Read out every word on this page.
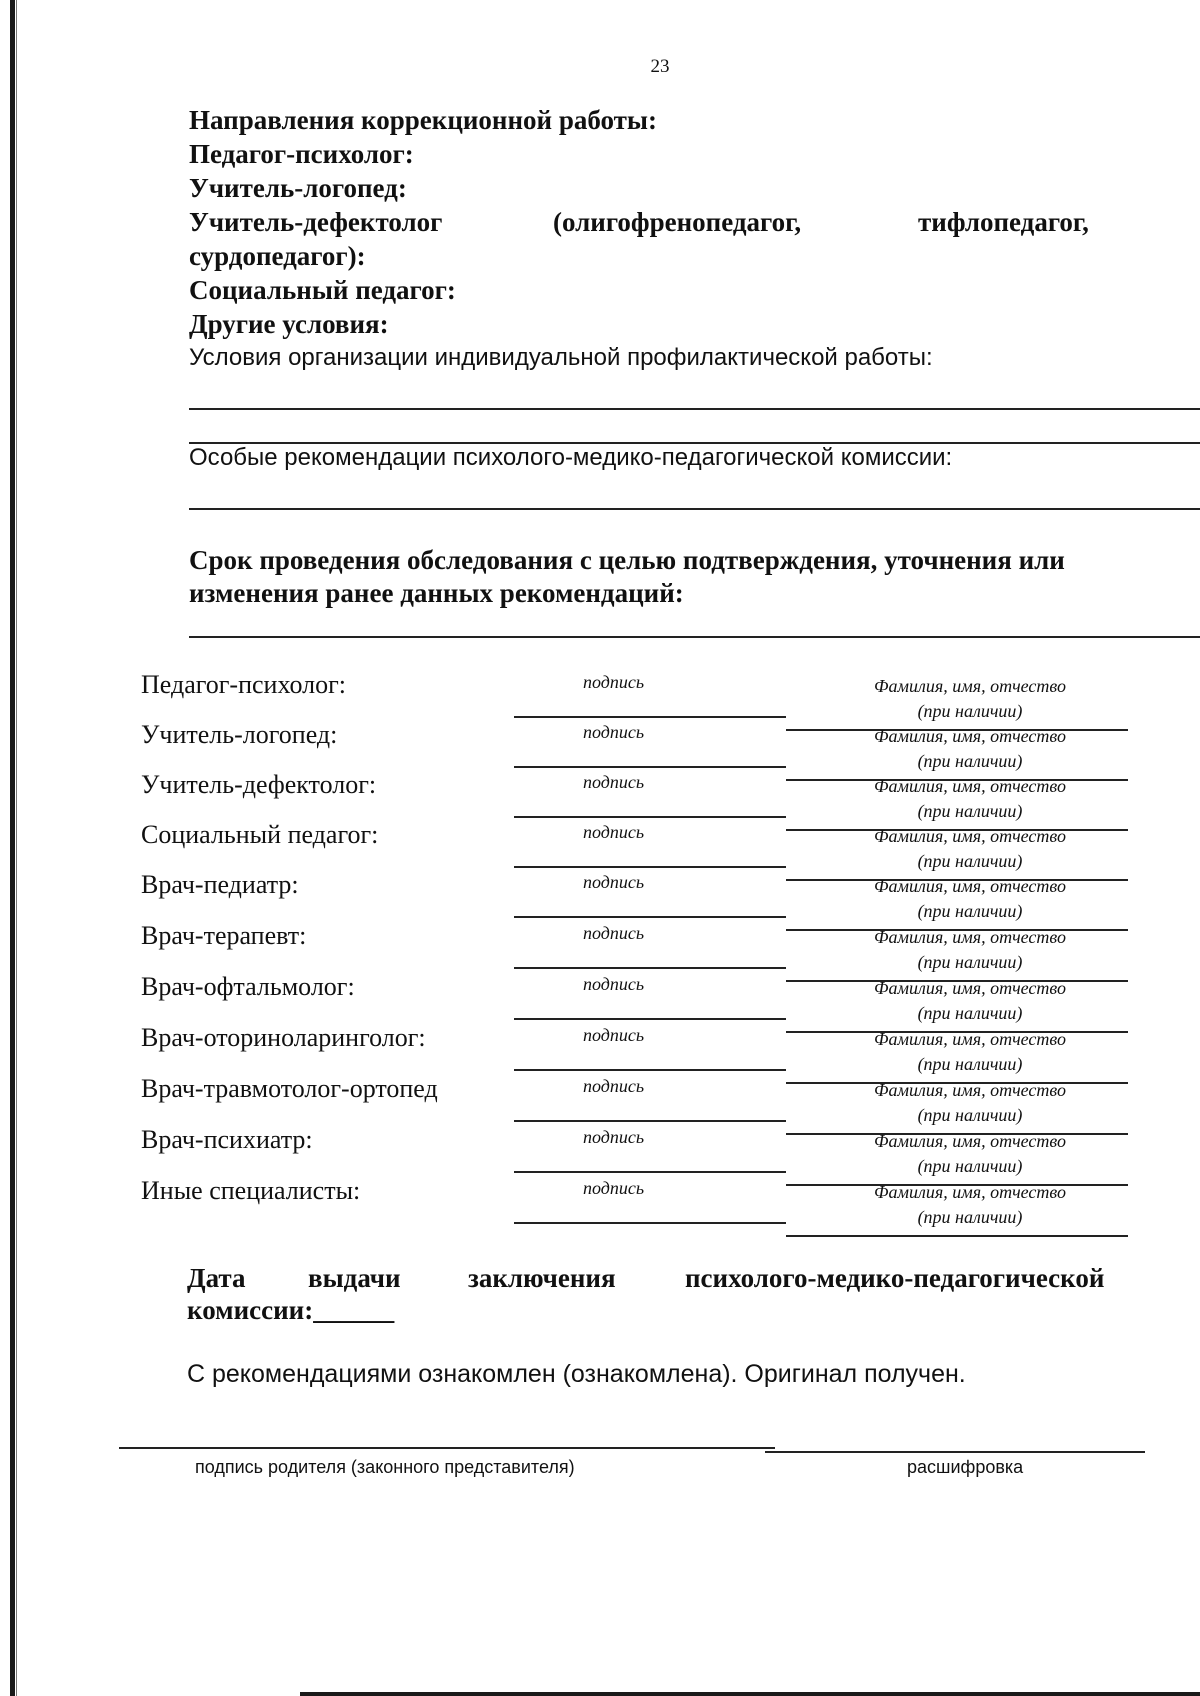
23
Направления коррекционной работы:
Педагог-психолог:
Учитель-логопед:
Учитель-дефектолог	(олигофренопедагог,	тифлопедагог,
сурдопедагог):
Социальный педагог:
Другие условия:
Условия организации индивидуальной профилактической работы:
Особые рекомендации психолого-медико-педагогической комиссии:
Срок проведения обследования с целью подтверждения, уточнения или
изменения ранее данных рекомендаций:
Педагог-психолог:	подпись	Фамилия, имя, отчество
(при наличии)
Учитель-логопед:	подпись	Фамилия, имя, отчество
(при наличии)
Учитель-дефектолог:	подпись	Фамилия, имя, отчество
(при наличии)
Социальный педагог:	подпись	Фамилия, имя, отчество
(при наличии)
Врач-педиатр:	подпись	Фамилия, имя, отчество
(при наличии)
Врач-терапевт:	подпись	Фамилия, имя, отчество
(при наличии)
Врач-офтальмолог:	подпись	Фамилия, имя, отчество
(при наличии)
Врач-оториноларинголог:	подпись	Фамилия, имя, отчество
(при наличии)
Врач-травмотолог-ортопед	подпись	Фамилия, имя, отчество
(при наличии)
Врач-психиатр:	подпись	Фамилия, имя, отчество
(при наличии)
Иные специалисты:	подпись	Фамилия, имя, отчество
(при наличии)
Дата выдачи заключения	психолого-медико-педагогической
комиссии:______
С рекомендациями ознакомлен (ознакомлена). Оригинал получен.
подпись родителя (законного представителя)	расшифровка
